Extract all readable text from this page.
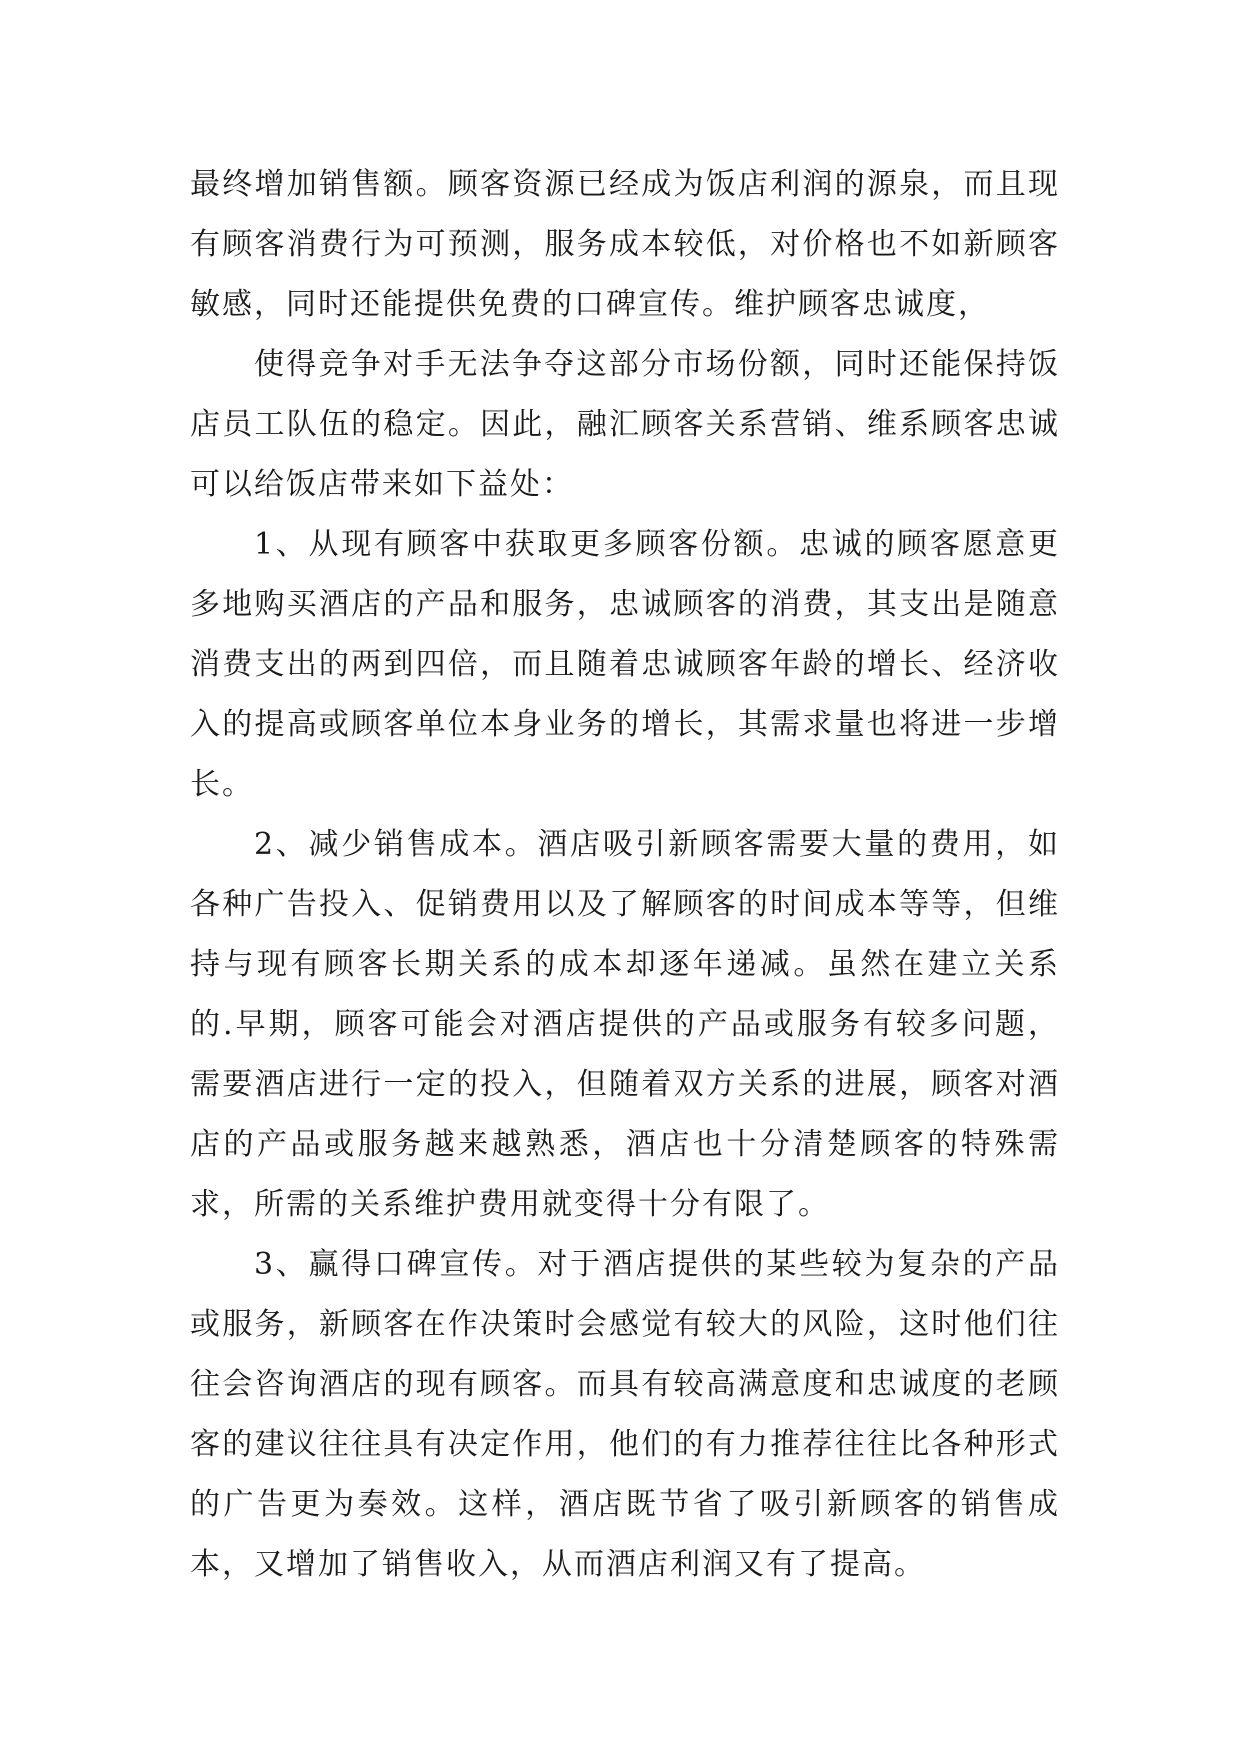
最终增加销售额。顾客资源已经成为饭店利润的源泉，而且现有顾客消费行为可预测，服务成本较低，对价格也不如新顾客敏感，同时还能提供免费的口碑宣传。维护顾客忠诚度，

使得竞争对手无法争夺这部分市场份额，同时还能保持饭店员工队伍的稳定。因此，融汇顾客关系营销、维系顾客忠诚可以给饭店带来如下益处：

1、从现有顾客中获取更多顾客份额。忠诚的顾客愿意更多地购买酒店的产品和服务，忠诚顾客的消费，其支出是随意消费支出的两到四倍，而且随着忠诚顾客年龄的增长、经济收入的提高或顾客单位本身业务的增长，其需求量也将进一步增长。

2、减少销售成本。酒店吸引新顾客需要大量的费用，如各种广告投入、促销费用以及了解顾客的时间成本等等，但维持与现有顾客长期关系的成本却逐年递减。虽然在建立关系的.早期，顾客可能会对酒店提供的产品或服务有较多问题，需要酒店进行一定的投入，但随着双方关系的进展，顾客对酒店的产品或服务越来越熟悉，酒店也十分清楚顾客的特殊需求，所需的关系维护费用就变得十分有限了。

3、赢得口碑宣传。对于酒店提供的某些较为复杂的产品或服务，新顾客在作决策时会感觉有较大的风险，这时他们往往会咨询酒店的现有顾客。而具有较高满意度和忠诚度的老顾客的建议往往具有决定作用，他们的有力推荐往往比各种形式的广告更为奏效。这样，酒店既节省了吸引新顾客的销售成本，又增加了销售收入，从而酒店利润又有了提高。
